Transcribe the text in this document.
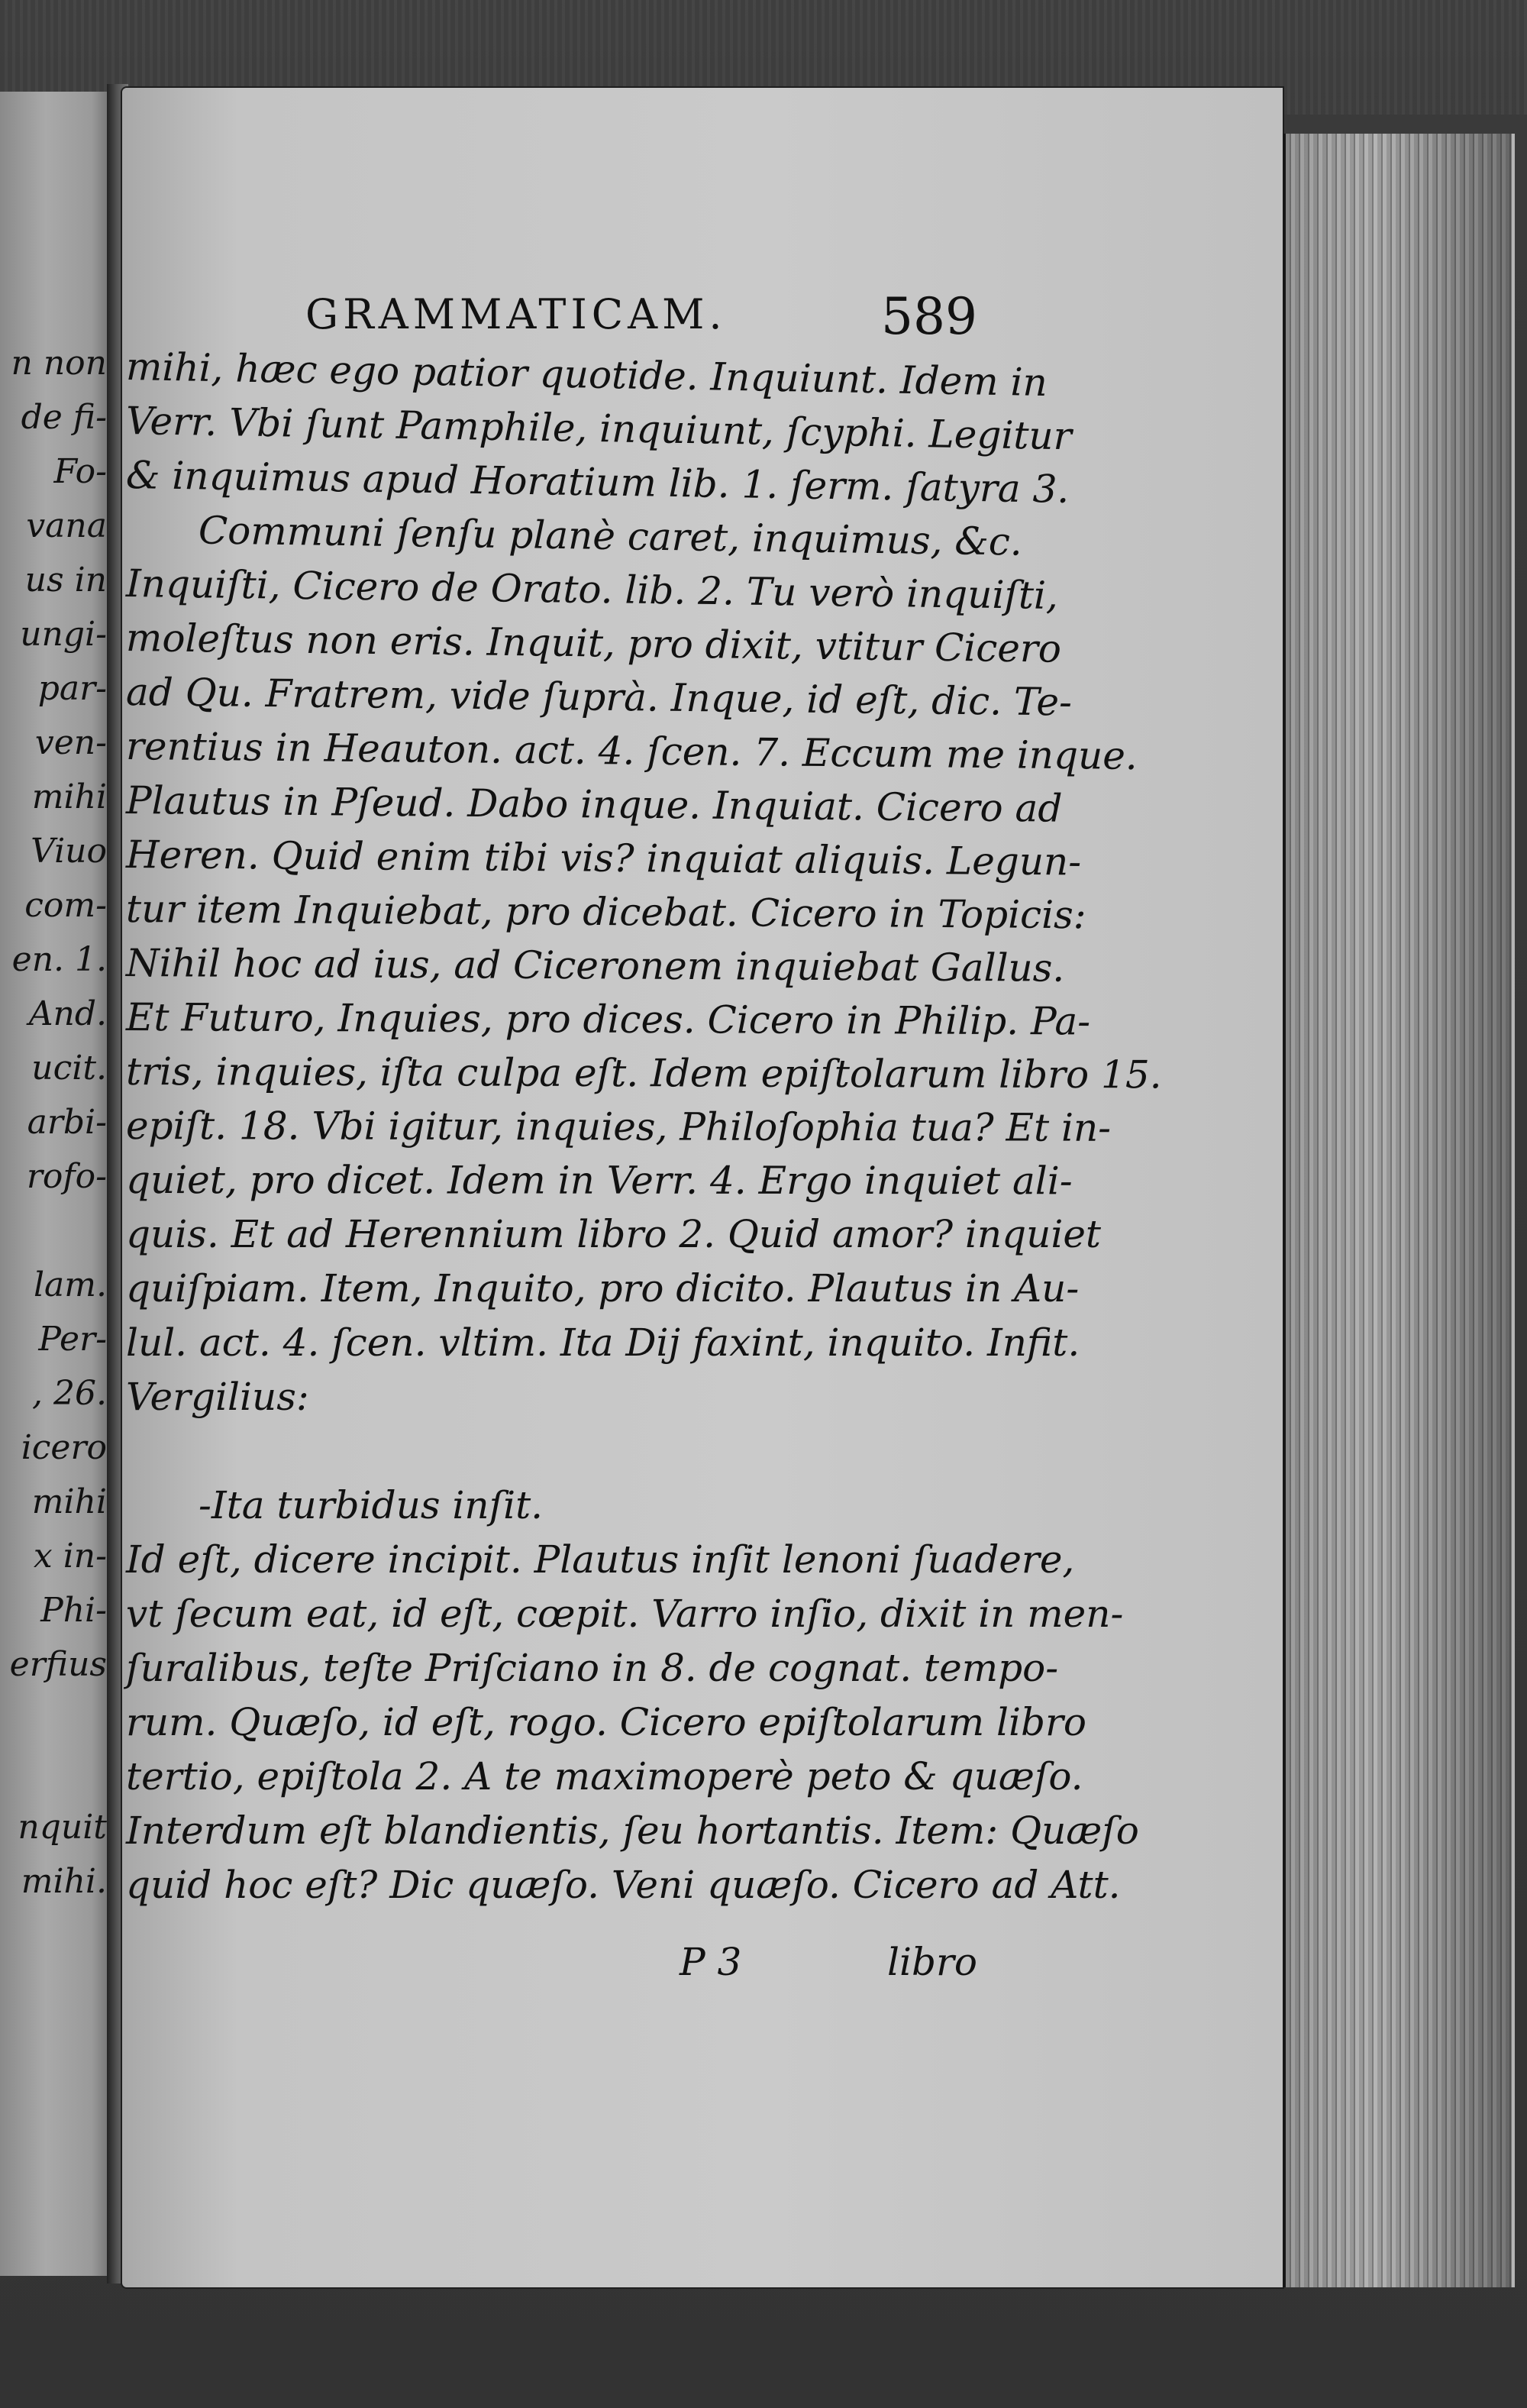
n non
de fi-
Fo-
vana
us in
ungi-
par-
ven-
mihi
Viuo
com-
en. 1.
And.
ucit.
arbi-
rofo-
lam.
Per-
, 26.
icero
mihi
x in-
Phi-
erfius
nquit
mihi.
GRAMMATICAM.	589
mihi, hæc ego patior quotide. Inquiunt. Idem in
Verr. Vbi ſunt Pamphile, inquiunt, ſcyphi. Legitur
& inquimus apud Horatium lib. 1. ſerm. ſatyra 3.
Communi ſenſu planè caret, inquimus, &c.
Inquiſti, Cicero de Orato. lib. 2. Tu verò inquiſti,
moleſtus non eris. Inquit, pro dixit, vtitur Cicero
ad Qu. Fratrem, vide ſuprà. Inque, id eſt, dic. Te-
rentius in Heauton. act. 4. ſcen. 7. Eccum me inque.
Plautus in Pſeud. Dabo inque. Inquiat. Cicero ad
Heren. Quid enim tibi vis? inquiat aliquis. Legun-
tur item Inquiebat, pro dicebat. Cicero in Topicis:
Nihil hoc ad ius, ad Ciceronem inquiebat Gallus.
Et Futuro, Inquies, pro dices. Cicero in Philip. Pa-
tris, inquies, iſta culpa eſt. Idem epiſtolarum libro 15.
epiſt. 18. Vbi igitur, inquies, Philoſophia tua? Et in-
quiet, pro dicet. Idem in Verr. 4. Ergo inquiet ali-
quis. Et ad Herennium libro 2. Quid amor? inquiet
quiſpiam. Item, Inquito, pro dicito. Plautus in Au-
lul. act. 4. ſcen. vltim. Ita Dij faxint, inquito. Infit.
Vergilius:
-Ita turbidus inſit.
Id eſt, dicere incipit. Plautus inſit lenoni ſuadere,
vt ſecum eat, id eſt, cœpit. Varro inſio, dixit in men-
ſuralibus, teſte Priſciano in 8. de cognat. tempo-
rum. Quæſo, id eſt, rogo. Cicero epiſtolarum libro
tertio, epiſtola 2. A te maximoperè peto & quæſo.
Interdum eſt blandientis, ſeu hortantis. Item: Quæſo
quid hoc eſt? Dic quæſo. Veni quæſo. Cicero ad Att.
P 3	libro
